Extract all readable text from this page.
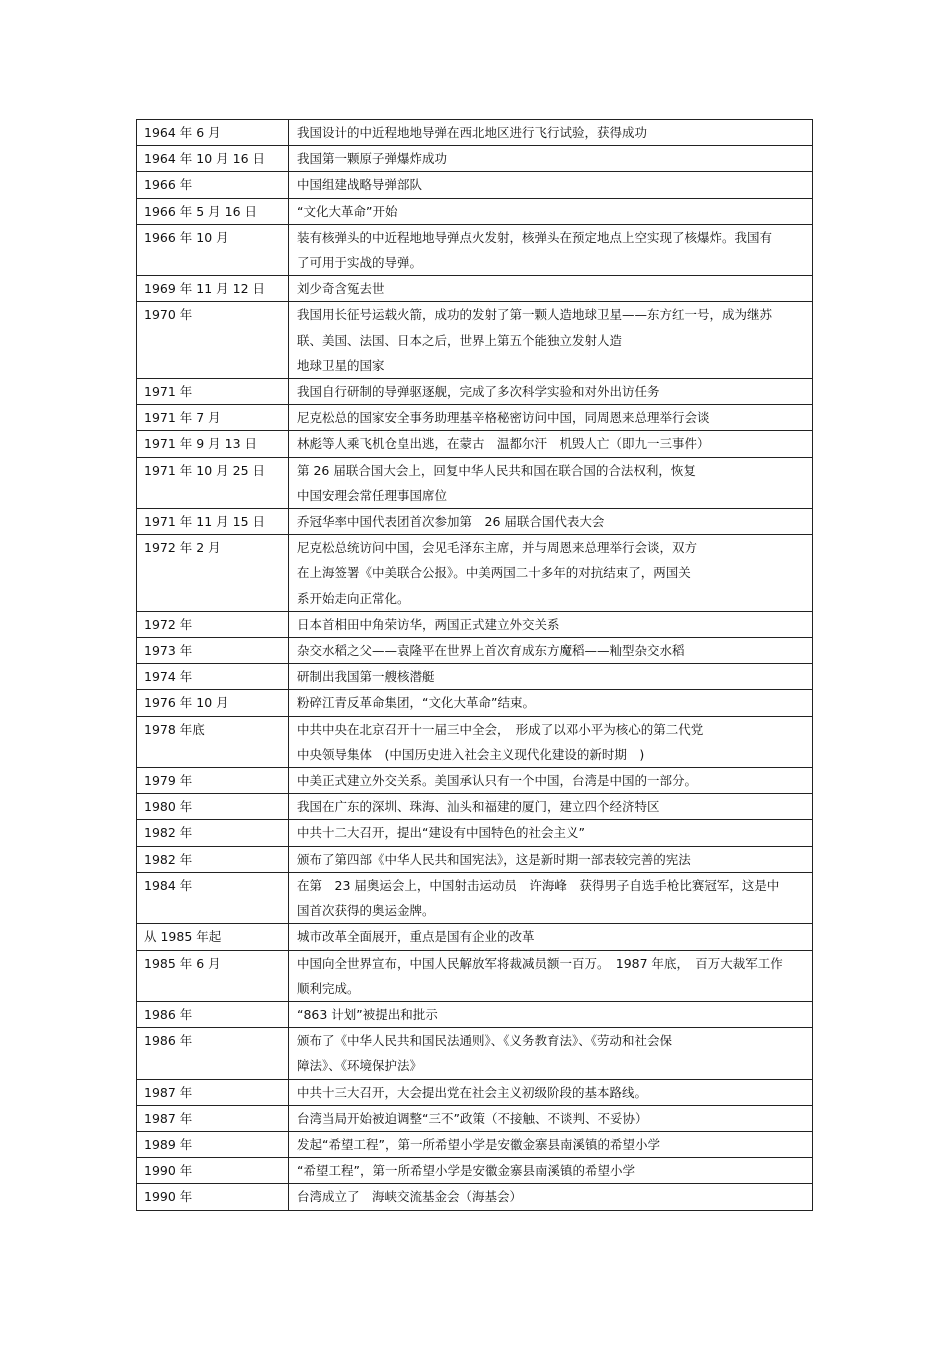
1964 年 6 月	我国设计的中近程地地导弹在西北地区进行飞行试验，获得成功
1964 年 10 月 16 日	我国第一颗原子弹爆炸成功
1966 年	中国组建战略导弹部队
1966 年 5 月 16 日	“文化大革命”开始
1966 年 10 月	装有核弹头的中近程地地导弹点火发射，核弹头在预定地点上空实现了核爆炸。我国有了可用于实战的导弹。
1969 年 11 月 12 日	刘少奇含冤去世
1970 年	我国用长征号运载火箭，成功的发射了第一颗人造地球卫星——东方红一号，成为继苏联、美国、法国、日本之后，世界上第五个能独立发射人造
地球卫星的国家
1971 年	我国自行研制的导弹驱逐舰，完成了多次科学实验和对外出访任务
1971 年 7 月	尼克松总的国家安全事务助理基辛格秘密访问中国，同周恩来总理举行会谈
1971 年 9 月 13 日	林彪等人乘飞机仓皇出逃，在蒙古　温都尔汗　机毁人亡（即九一三事件）
1971 年 10 月 25 日	第 26 届联合国大会上，回复中华人民共和国在联合国的合法权利，恢复
中国安理会常任理事国席位
1971 年 11 月 15 日	乔冠华率中国代表团首次参加第　26 届联合国代表大会
1972 年 2 月	尼克松总统访问中国，会见毛泽东主席，并与周恩来总理举行会谈，双方
在上海签署《中美联合公报》。中美两国二十多年的对抗结束了，两国关
系开始走向正常化。
1972 年	日本首相田中角荣访华，两国正式建立外交关系
1973 年	杂交水稻之父——袁隆平在世界上首次育成东方魔稻——籼型杂交水稻
1974 年	研制出我国第一艘核潜艇
1976 年 10 月	粉碎江青反革命集团，“文化大革命”结束。
1978 年底	中共中央在北京召开十一届三中全会，　形成了以邓小平为核心的第二代党
中央领导集体　(中国历史进入社会主义现代化建设的新时期　)
1979 年	中美正式建立外交关系。美国承认只有一个中国，台湾是中国的一部分。
1980 年	我国在广东的深圳、珠海、汕头和福建的厦门，建立四个经济特区
1982 年	中共十二大召开，提出“建设有中国特色的社会主义”
1982 年	颁布了第四部《中华人民共和国宪法》，这是新时期一部表较完善的宪法
1984 年	在第　23 届奥运会上，中国射击运动员　许海峰　获得男子自选手枪比赛冠军，这是中国首次获得的奥运金牌。
从 1985 年起	城市改革全面展开，重点是国有企业的改革
1985 年 6 月	中国向全世界宣布，中国人民解放军将裁减员额一百万。　1987 年底，　百万大裁军工作顺利完成。
1986 年	“863 计划”被提出和批示
1986 年	颁布了《中华人民共和国民法通则》、《义务教育法》、《劳动和社会保
障法》、《环境保护法》
1987 年	中共十三大召开，大会提出党在社会主义初级阶段的基本路线。
1987 年	台湾当局开始被迫调整“三不”政策（不接触、不谈判、不妥协）
1989 年	发起“希望工程”，第一所希望小学是安徽金寨县南溪镇的希望小学
1990 年	“希望工程”，第一所希望小学是安徽金寨县南溪镇的希望小学
1990 年	台湾成立了　海峡交流基金会（海基会）
